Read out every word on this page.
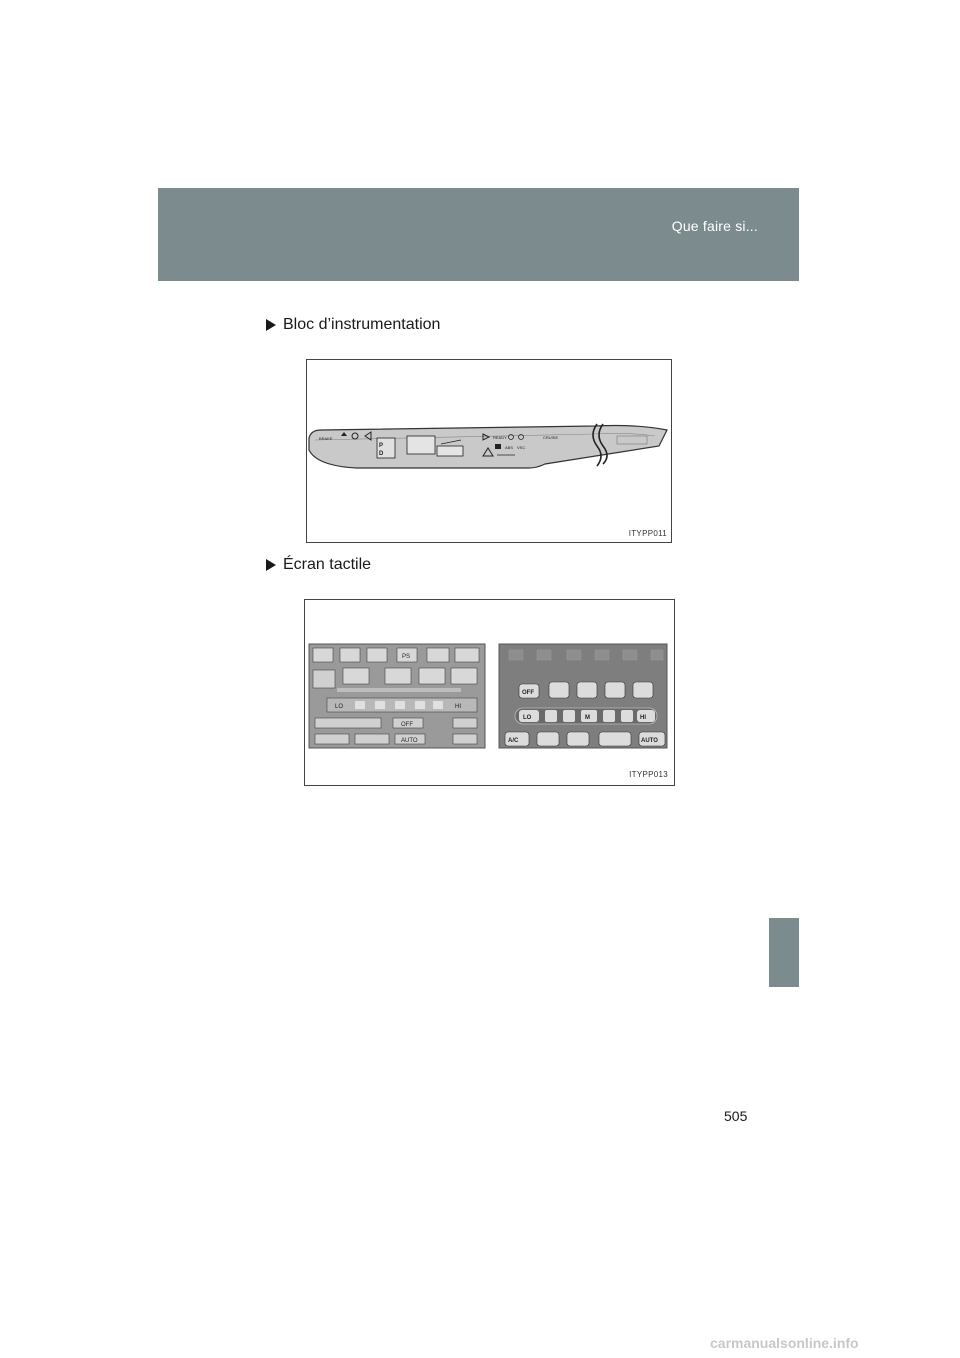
Que faire si...
Bloc d’instrumentation
BRAKE
P
D
READY	CRUISE
ABS VSC
ITYPP011
Écran tactile
PS
LO	HI
OFF
AUTO
OFF
LO	M	HI
A/C	AUTO
ITYPP013
505
carmanualsonline.info
